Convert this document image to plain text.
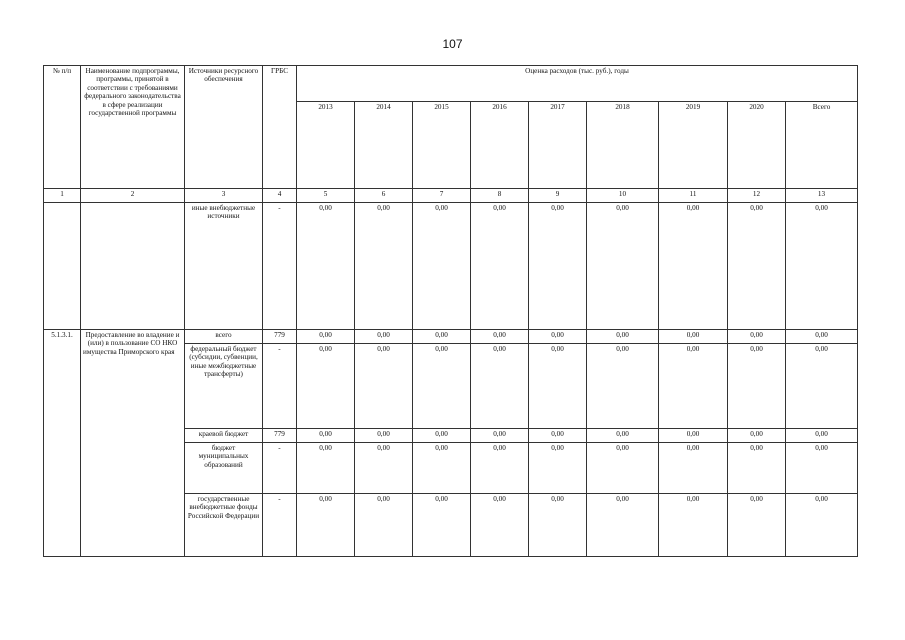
107
№ п/п	Наименование подпрограммы, программы, принятой в соответствии с требованиями федерального законодательства в сфере реализации государственной программы	Источники ресурсного обеспечения	ГРБС	Оценка расходов (тыс. руб.), годы								
				2013	2014	2015	2016	2017	2018	2019	2020	Всего
1	2	3	4	5	6	7	8	9	10	11	12	13
		иные внебюджетные источники	-	0,00	0,00	0,00	0,00	0,00	0,00	0,00	0,00	0,00
5.1.3.1.	Предоставление во владение и (или) в пользование СО НКО имущества Приморского края	всего	779	0,00	0,00	0,00	0,00	0,00	0,00	0,00	0,00	0,00
		федеральный бюджет (субсидии, субвенции, иные межбюджетные трансферты)	-	0,00	0,00	0,00	0,00	0,00	0,00	0,00	0,00	0,00
		краевой бюджет	779	0,00	0,00	0,00	0,00	0,00	0,00	0,00	0,00	0,00
		бюджет муниципальных образований	-	0,00	0,00	0,00	0,00	0,00	0,00	0,00	0,00	0,00
		государственные внебюджетные фонды Российской Федерации	-	0,00	0,00	0,00	0,00	0,00	0,00	0,00	0,00	0,00
